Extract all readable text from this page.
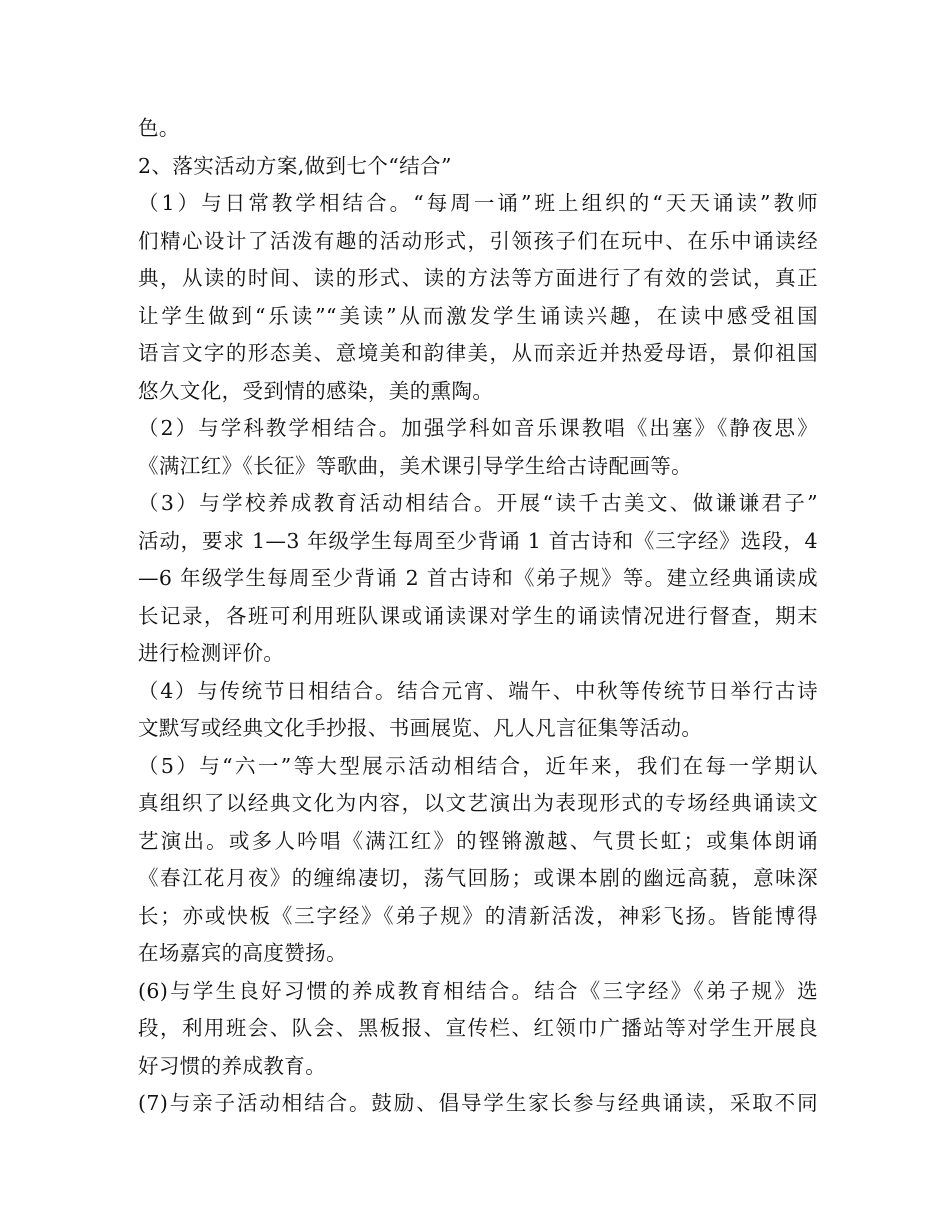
色。

2、落实活动方案,做到七个“结合”

（1）与日常教学相结合。“每周一诵”班上组织的“天天诵读”教师

们精心设计了活泼有趣的活动形式，引领孩子们在玩中、在乐中诵读经

典，从读的时间、读的形式、读的方法等方面进行了有效的尝试，真正

让学生做到“乐读”“美读”从而激发学生诵读兴趣，在读中感受祖国

语言文字的形态美、意境美和韵律美，从而亲近并热爱母语，景仰祖国

悠久文化，受到情的感染，美的熏陶。

（2）与学科教学相结合。加强学科如音乐课教唱《出塞》《静夜思》

《满江红》《长征》等歌曲，美术课引导学生给古诗配画等。

（3）与学校养成教育活动相结合。开展“读千古美文、做谦谦君子”

活动，要求 1—3 年级学生每周至少背诵 1 首古诗和《三字经》选段，4

—6 年级学生每周至少背诵 2 首古诗和《弟子规》等。建立经典诵读成

长记录，各班可利用班队课或诵读课对学生的诵读情况进行督查，期末

进行检测评价。

（4）与传统节日相结合。结合元宵、端午、中秋等传统节日举行古诗

文默写或经典文化手抄报、书画展览、凡人凡言征集等活动。

（5）与“六一”等大型展示活动相结合，近年来，我们在每一学期认

真组织了以经典文化为内容，以文艺演出为表现形式的专场经典诵读文

艺演出。或多人吟唱《满江红》的铿锵激越、气贯长虹；或集体朗诵

《春江花月夜》的缠绵凄切，荡气回肠；或课本剧的幽远高藐，意味深

长；亦或快板《三字经》《弟子规》的清新活泼，神彩飞扬。皆能博得

在场嘉宾的高度赞扬。

(6)与学生良好习惯的养成教育相结合。结合《三字经》《弟子规》选

段，利用班会、队会、黑板报、宣传栏、红领巾广播站等对学生开展良

好习惯的养成教育。

(7)与亲子活动相结合。鼓励、倡导学生家长参与经典诵读，采取不同
